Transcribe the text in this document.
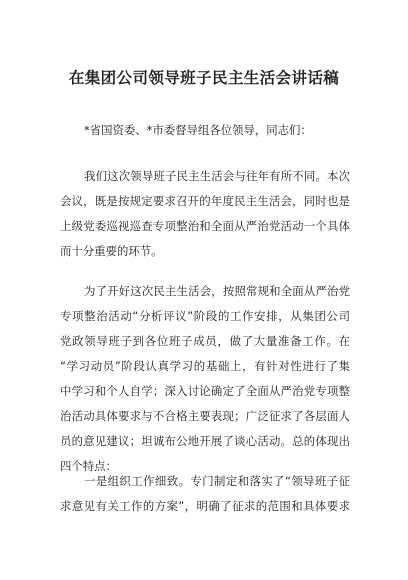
在集团公司领导班子民主生活会讲话稿
*省国资委、*市委督导组各位领导，同志们：
我们这次领导班子民主生活会与往年有所不同。本次
会议，既是按规定要求召开的年度民主生活会，同时也是
上级党委巡视巡查专项整治和全面从严治党活动一个具体
而十分重要的环节。
为了开好这次民主生活会，按照常规和全面从严治党
专项整治活动“分析评议”阶段的工作安排，从集团公司
党政领导班子到各位班子成员，做了大量准备工作。在
“学习动员”阶段认真学习的基础上，有针对性进行了集
中学习和个人自学；深入讨论确定了全面从严治党专项整
治活动具体要求与不合格主要表现；广泛征求了各层面人
员的意见建议；坦诚布公地开展了谈心活动。总的体现出
四个特点：
一是组织工作细致。专门制定和落实了“领导班子征
求意见有关工作的方案”，明确了征求的范围和具体要求
